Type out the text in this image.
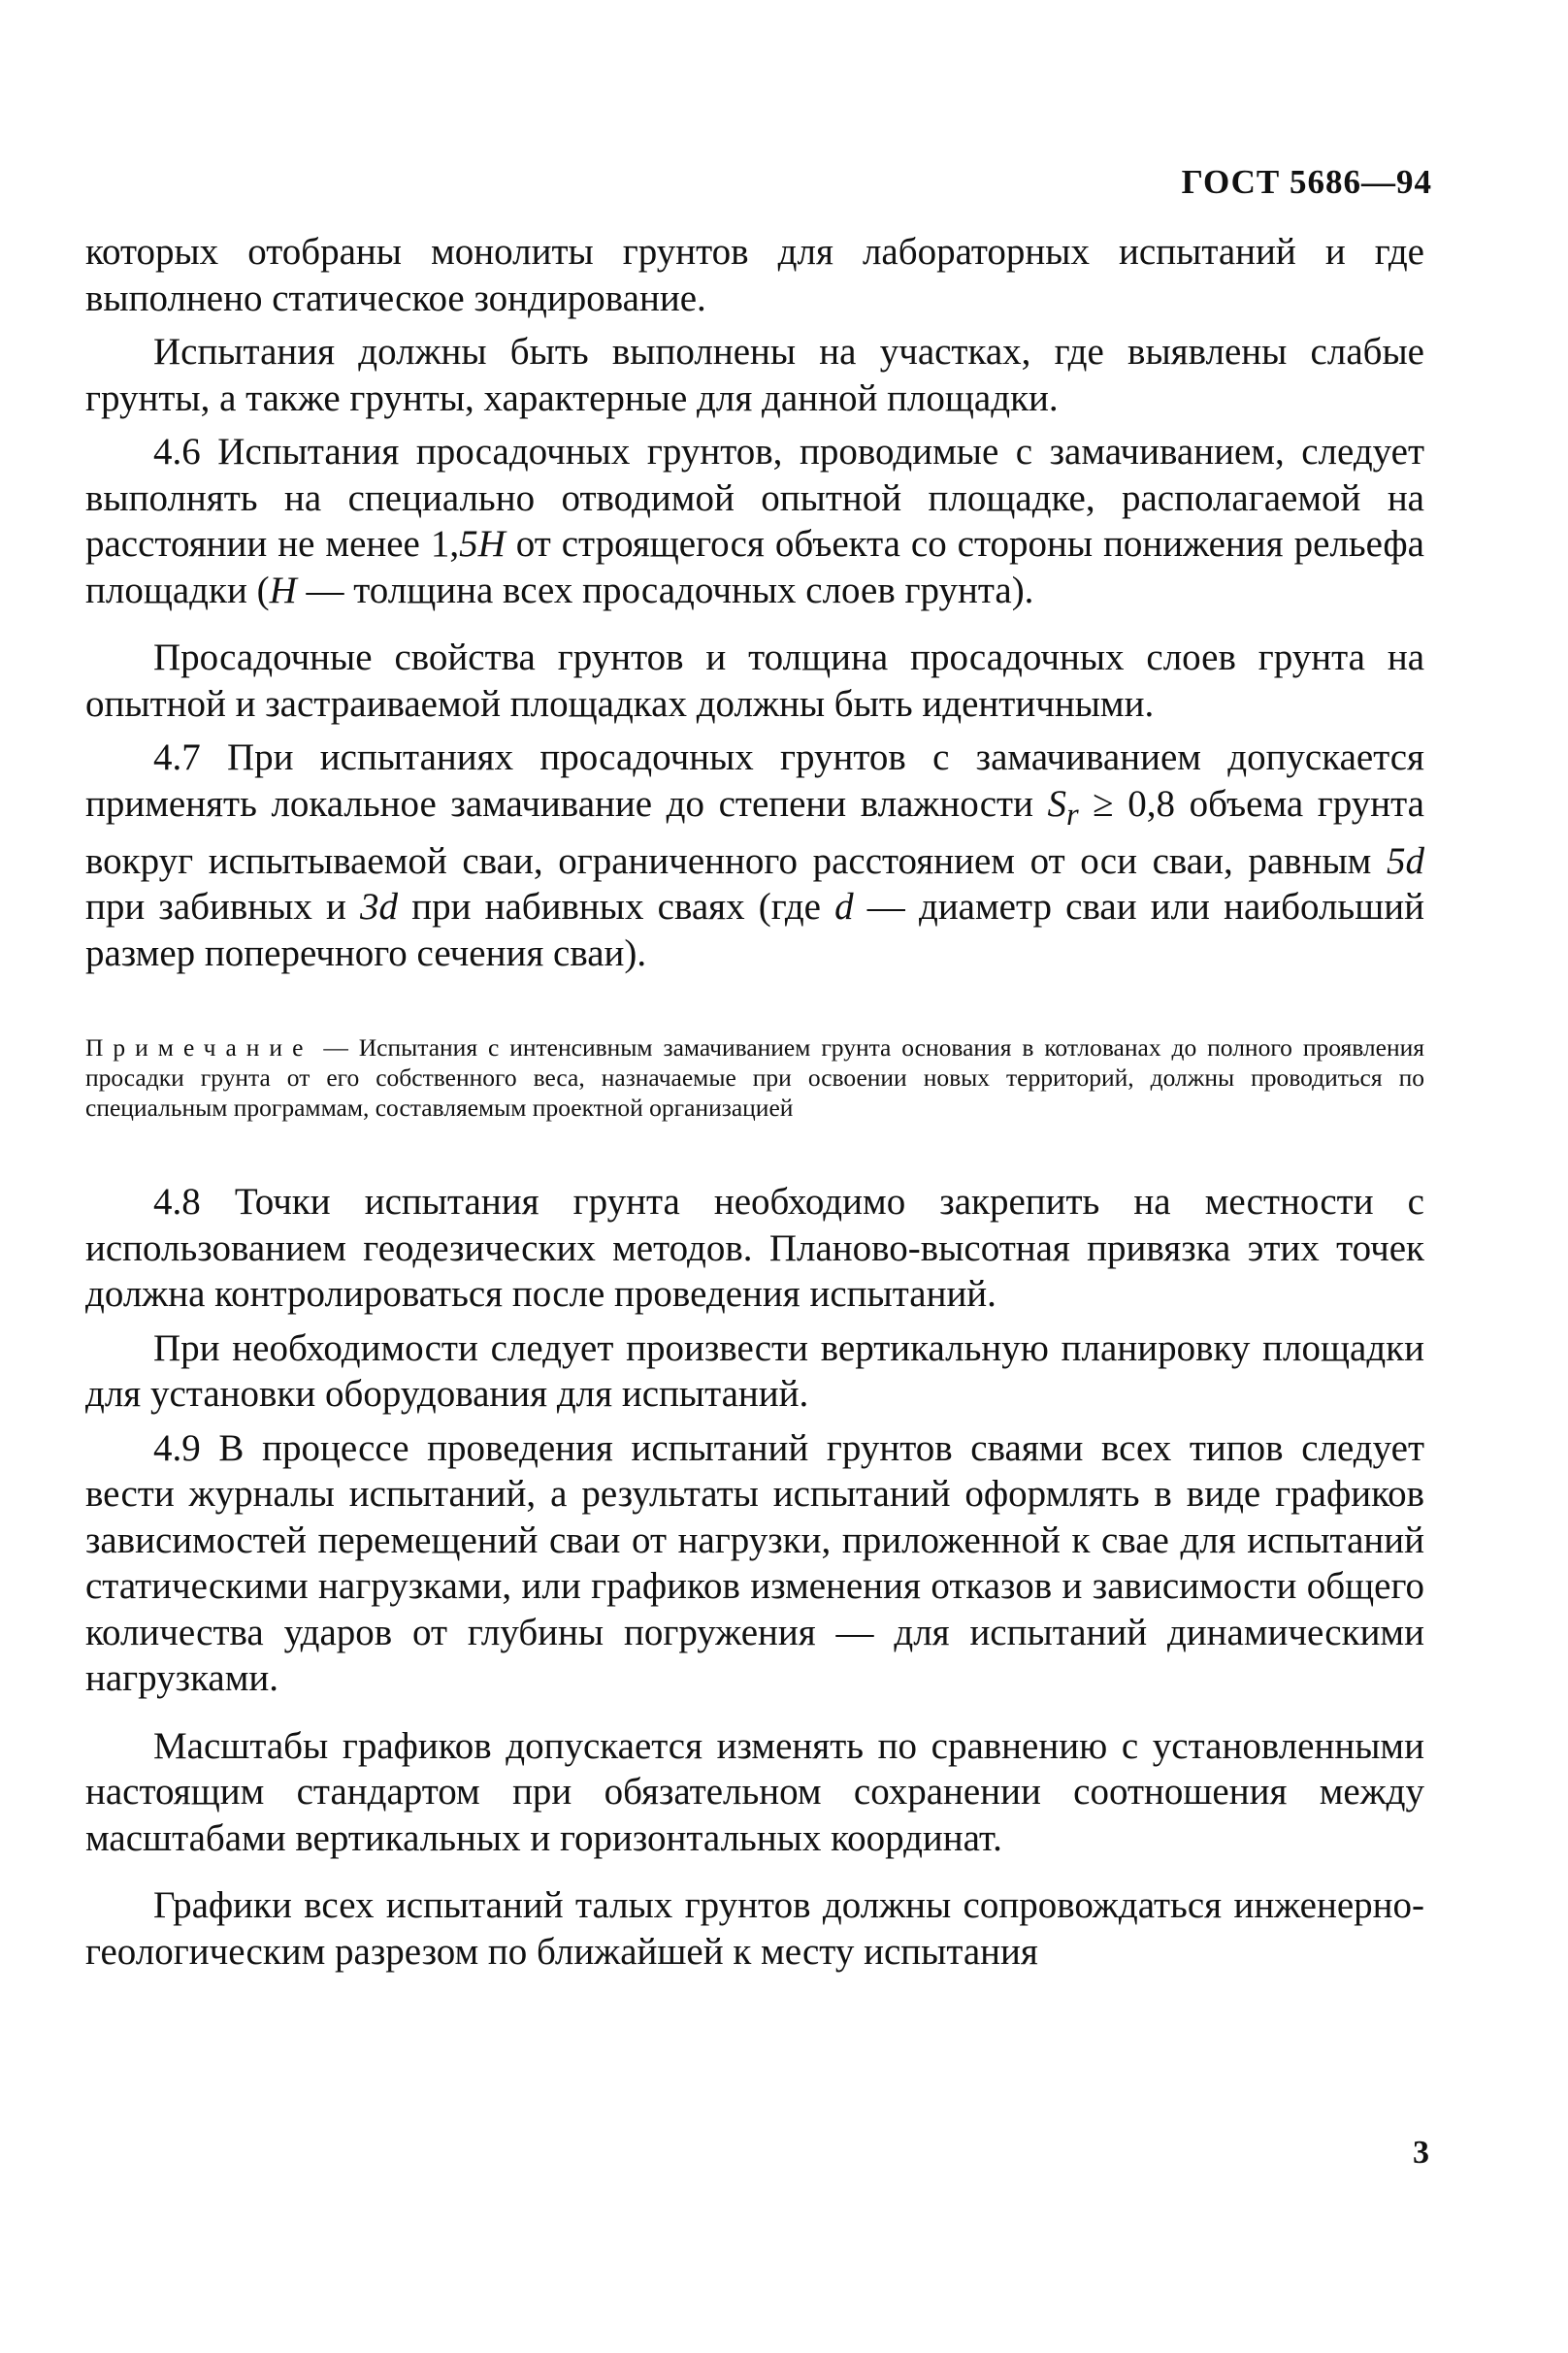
ГОСТ 5686—94

которых отобраны монолиты грунтов для лабораторных испытаний и где выполнено статическое зондирование.

Испытания должны быть выполнены на участках, где выявлены слабые грунты, а также грунты, характерные для данной площадки.

4.6 Испытания просадочных грунтов, проводимые с замачиванием, следует выполнять на специально отводимой опытной площадке, располагаемой на расстоянии не менее 1,5H от строящегося объекта со стороны понижения рельефа площадки (H — толщина всех просадочных слоев грунта).

Просадочные свойства грунтов и толщина просадочных слоев грунта на опытной и застраиваемой площадках должны быть идентичными.

4.7 При испытаниях просадочных грунтов с замачиванием допускается применять локальное замачивание до степени влажности $S_r \ge 0,8$ объема грунта вокруг испытываемой сваи, ограниченного расстоянием от оси сваи, равным 5d при забивных и 3d при набивных сваях (где d — диаметр сваи или наибольший размер поперечного сечения сваи).

Примечание — Испытания с интенсивным замачиванием грунта основания в котлованах до полного проявления просадки грунта от его собственного веса, назначаемые при освоении новых территорий, должны проводиться по специальным программам, составляемым проектной организацией

4.8 Точки испытания грунта необходимо закрепить на местности с использованием геодезических методов. Планово-высотная привязка этих точек должна контролироваться после проведения испытаний.

При необходимости следует произвести вертикальную планировку площадки для установки оборудования для испытаний.

4.9 В процессе проведения испытаний грунтов сваями всех типов следует вести журналы испытаний, а результаты испытаний оформлять в виде графиков зависимостей перемещений сваи от нагрузки, приложенной к свае для испытаний статическими нагрузками, или графиков изменения отказов и зависимости общего количества ударов от глубины погружения — для испытаний динамическими нагрузками.

Масштабы графиков допускается изменять по сравнению с установленными настоящим стандартом при обязательном сохранении соотношения между масштабами вертикальных и горизонтальных координат.

Графики всех испытаний талых грунтов должны сопровождаться инженерно-геологическим разрезом по ближайшей к месту испытания

3
